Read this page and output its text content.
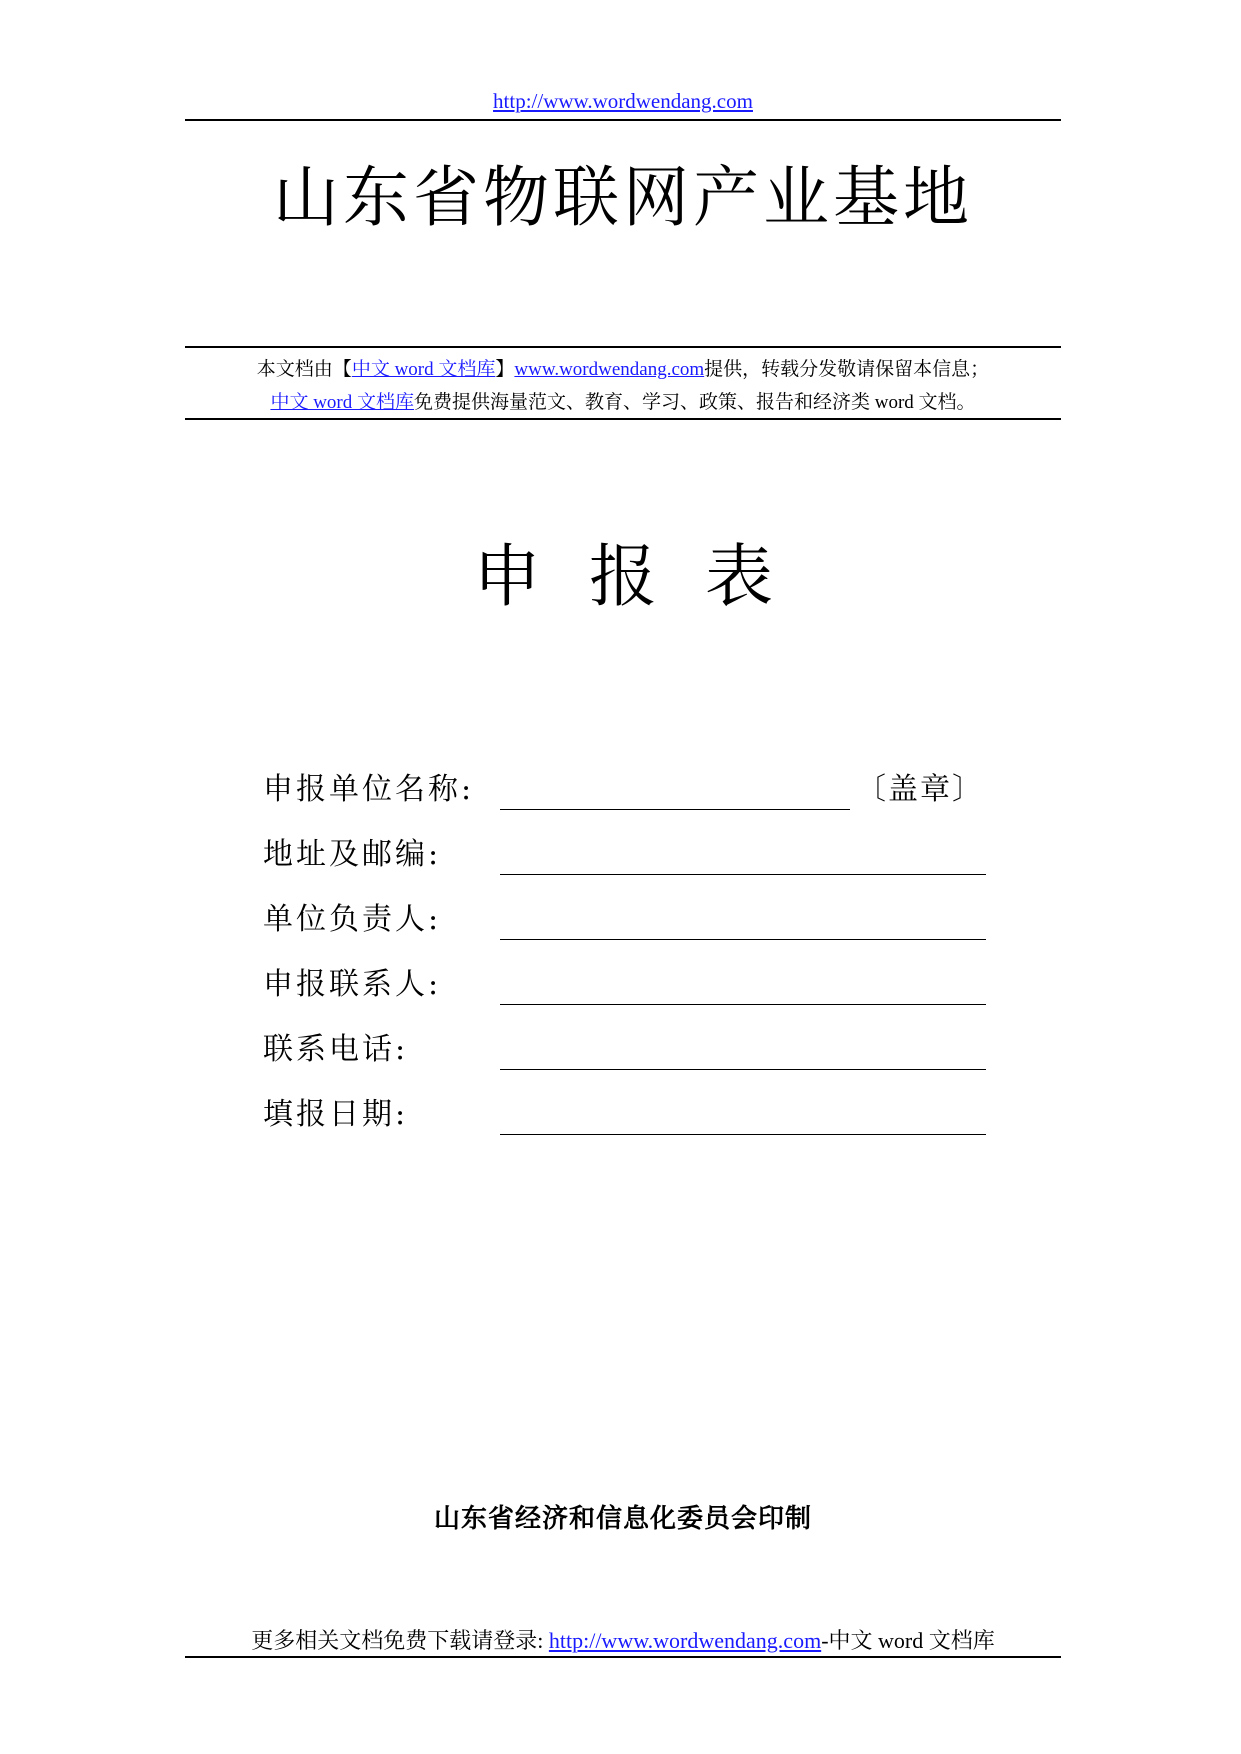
http://www.wordwendang.com
山东省物联网产业基地
本文档由【中文 word 文档库】www.wordwendang.com提供，转载分发敬请保留本信息；
中文 word 文档库免费提供海量范文、教育、学习、政策、报告和经济类 word 文档。
申 报 表
申报单位名称:	〔盖章〕
地址及邮编:
单位负责人:
申报联系人:
联系电话:
填报日期:
山东省经济和信息化委员会印制
更多相关文档免费下载请登录: http://www.wordwendang.com-中文 word 文档库
